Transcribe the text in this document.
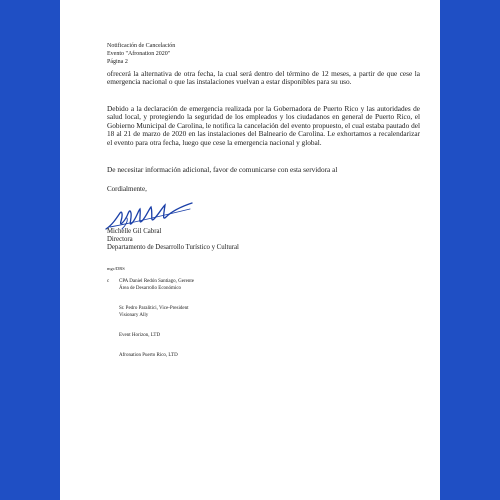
Notificación de Cancelación
Evento "Afronation 2020"
Página 2
ofrecerá la alternativa de otra fecha, la cual será dentro del término de 12 meses, a partir de que cese la emergencia nacional o que las instalaciones vuelvan a estar disponibles para su uso.
Debido a la declaración de emergencia realizada por la Gobernadora de Puerto Rico y las autoridades de salud local, y protegiendo la seguridad de los empleados y los ciudadanos en general de Puerto Rico, el Gobierno Municipal de Carolina, le notifica la cancelación del evento propuesto, el cual estaba pautado del 18 al 21 de marzo de 2020 en las instalaciones del Balneario de Carolina. Le exhortamos a recalendarizar el evento para otra fecha, luego que cese la emergencia nacional y global.
De necesitar información adicional, favor de comunicarse con esta servidora al
Cordialmente,
Michelle Gil Cabral
Directora
Departamento de Desarrollo Turístico y Cultural
mgc/DRS
c CPA Daniel Redón Santiago, Gerente
Área de Desarrollo Económico
Sr. Pedro Paralitici, Vice-President
Visionary Ally
Event Horizon, LTD
Afronation Puerto Rico, LTD
